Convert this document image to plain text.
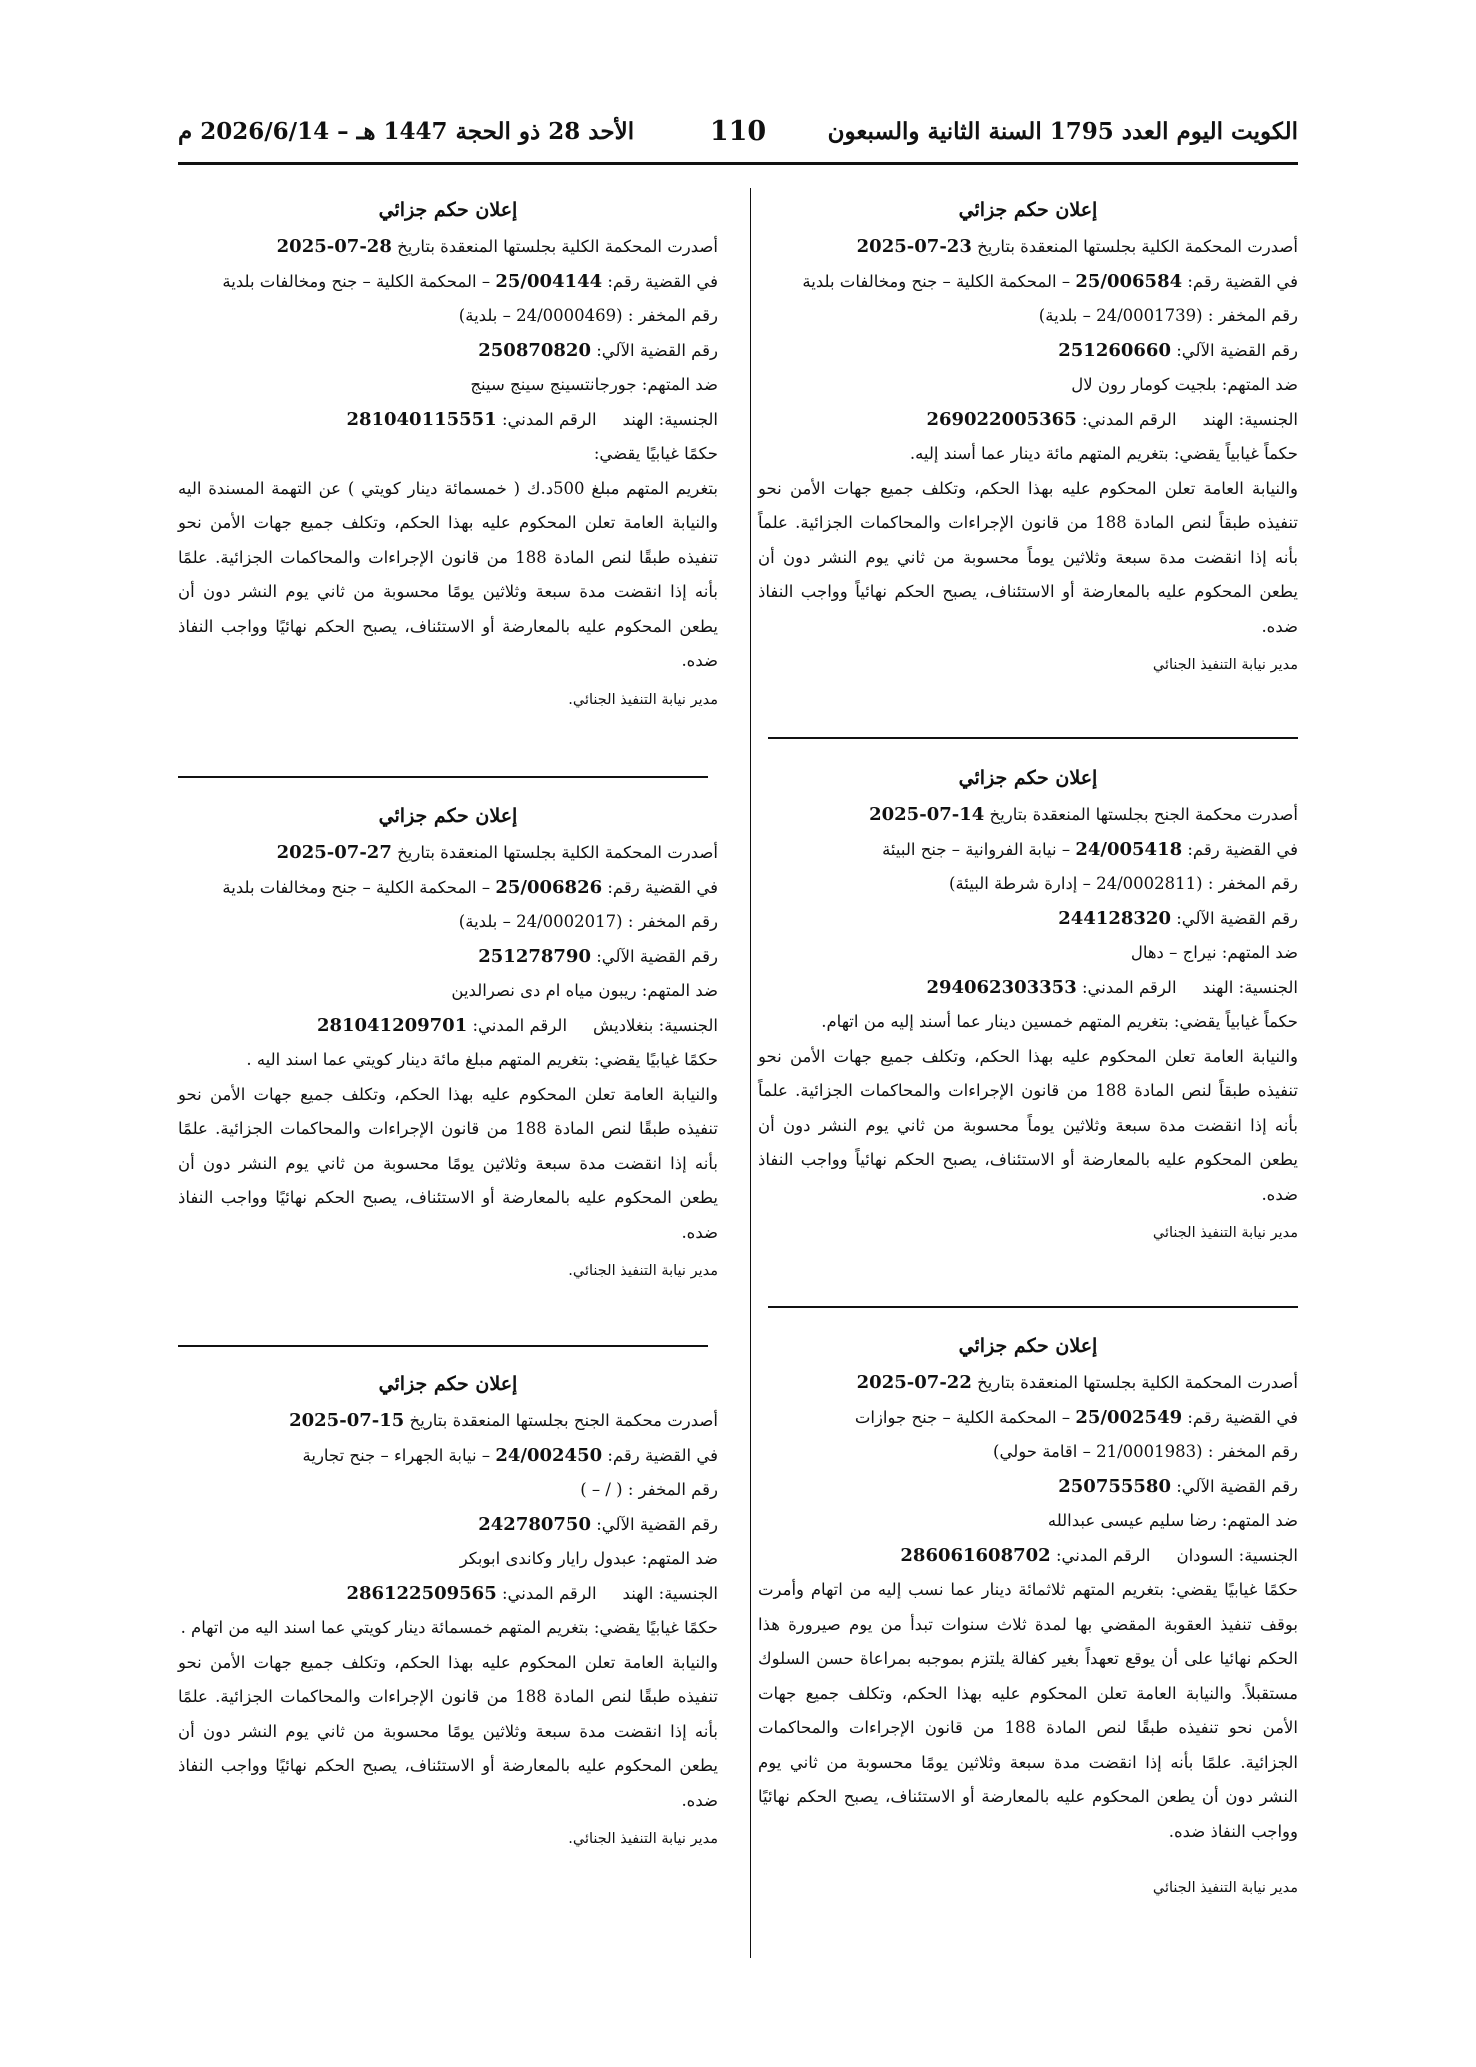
الكويت اليوم العدد 1795 السنة الثانية والسبعون
110
الأحد 28 ذو الحجة 1447 هـ – 2026/6/14 م
إعلان حكم جزائي

أصدرت المحكمة الكلية بجلستها المنعقدة بتاريخ 23-07-2025

في القضية رقم: 25/006584 – المحكمة الكلية – جنح ومخالفات بلدية

رقم المخفر : (24/0001739 – بلدية)

رقم القضية الآلي: 251260660

ضد المتهم: بلجيت كومار رون لال

الجنسية: الهندالرقم المدني: 269022005365

حكماً غيابياً يقضي: بتغريم المتهم مائة دينار عما أسند إليه.

والنيابة العامة تعلن المحكوم عليه بهذا الحكم، وتكلف جميع جهات الأمن نحو تنفيذه طبقاً لنص المادة 188 من قانون الإجراءات والمحاكمات الجزائية. علماً بأنه إذا انقضت مدة سبعة وثلاثين يوماً محسوبة من ثاني يوم النشر دون أن يطعن المحكوم عليه بالمعارضة أو الاستئناف، يصبح الحكم نهائياً وواجب النفاذ ضده.

مدير نيابة التنفيذ الجنائي

إعلان حكم جزائي

أصدرت محكمة الجنح بجلستها المنعقدة بتاريخ 14-07-2025

في القضية رقم: 24/005418 – نيابة الفروانية – جنح البيئة

رقم المخفر : (24/0002811 – إدارة شرطة البيئة)

رقم القضية الآلي: 244128320

ضد المتهم: نيراج – دهال

الجنسية: الهندالرقم المدني: 294062303353

حكماً غيابياً يقضي: بتغريم المتهم خمسين دينار عما أسند إليه من اتهام.

والنيابة العامة تعلن المحكوم عليه بهذا الحكم، وتكلف جميع جهات الأمن نحو تنفيذه طبقاً لنص المادة 188 من قانون الإجراءات والمحاكمات الجزائية. علماً بأنه إذا انقضت مدة سبعة وثلاثين يوماً محسوبة من ثاني يوم النشر دون أن يطعن المحكوم عليه بالمعارضة أو الاستئناف، يصبح الحكم نهائياً وواجب النفاذ ضده.

مدير نيابة التنفيذ الجنائي

إعلان حكم جزائي

أصدرت المحكمة الكلية بجلستها المنعقدة بتاريخ 22-07-2025

في القضية رقم: 25/002549 – المحكمة الكلية – جنح جوازات

رقم المخفر : (21/0001983 – اقامة حولي)

رقم القضية الآلي: 250755580

ضد المتهم: رضا سليم عيسى عبدالله

الجنسية: السودانالرقم المدني: 286061608702

حكمًا غيابيًا يقضي: بتغريم المتهم ثلاثمائة دينار عما نسب إليه من اتهام وأمرت بوقف تنفيذ العقوبة المقضي بها لمدة ثلاث سنوات تبدأ من يوم صيرورة هذا الحكم نهائيا على أن يوقع تعهداً بغير كفالة يلتزم بموجبه بمراعاة حسن السلوك مستقبلاً. والنيابة العامة تعلن المحكوم عليه بهذا الحكم، وتكلف جميع جهات الأمن نحو تنفيذه طبقًا لنص المادة 188 من قانون الإجراءات والمحاكمات الجزائية. علمًا بأنه إذا انقضت مدة سبعة وثلاثين يومًا محسوبة من ثاني يوم النشر دون أن يطعن المحكوم عليه بالمعارضة أو الاستئناف، يصبح الحكم نهائيًا وواجب النفاذ ضده.

مدير نيابة التنفيذ الجنائي

إعلان حكم جزائي

أصدرت المحكمة الكلية بجلستها المنعقدة بتاريخ 28-07-2025

في القضية رقم: 25/004144 – المحكمة الكلية – جنح ومخالفات بلدية

رقم المخفر : (24/0000469 – بلدية)

رقم القضية الآلي: 250870820

ضد المتهم: جورجانتسينج سينج سينج

الجنسية: الهندالرقم المدني: 281040115551

حكمًا غيابيًا يقضي:

بتغريم المتهم مبلغ 500د.ك ( خمسمائة دينار كويتي ) عن التهمة المسندة اليه والنيابة العامة تعلن المحكوم عليه بهذا الحكم، وتكلف جميع جهات الأمن نحو تنفيذه طبقًا لنص المادة 188 من قانون الإجراءات والمحاكمات الجزائية. علمًا بأنه إذا انقضت مدة سبعة وثلاثين يومًا محسوبة من ثاني يوم النشر دون أن يطعن المحكوم عليه بالمعارضة أو الاستئناف، يصبح الحكم نهائيًا وواجب النفاذ ضده.

مدير نيابة التنفيذ الجنائي.

إعلان حكم جزائي

أصدرت المحكمة الكلية بجلستها المنعقدة بتاريخ 27-07-2025

في القضية رقم: 25/006826 – المحكمة الكلية – جنح ومخالفات بلدية

رقم المخفر : (24/0002017 – بلدية)

رقم القضية الآلي: 251278790

ضد المتهم: ريبون مياه ام دى نصرالدين

الجنسية: بنغلاديشالرقم المدني: 281041209701

حكمًا غيابيًا يقضي: بتغريم المتهم مبلغ مائة دينار كويتي عما اسند اليه .

والنيابة العامة تعلن المحكوم عليه بهذا الحكم، وتكلف جميع جهات الأمن نحو تنفيذه طبقًا لنص المادة 188 من قانون الإجراءات والمحاكمات الجزائية. علمًا بأنه إذا انقضت مدة سبعة وثلاثين يومًا محسوبة من ثاني يوم النشر دون أن يطعن المحكوم عليه بالمعارضة أو الاستئناف، يصبح الحكم نهائيًا وواجب النفاذ ضده.

مدير نيابة التنفيذ الجنائي.

إعلان حكم جزائي

أصدرت محكمة الجنح بجلستها المنعقدة بتاريخ 15-07-2025

في القضية رقم: 24/002450 – نيابة الجهراء – جنح تجارية

رقم المخفر : ( / – )

رقم القضية الآلي: 242780750

ضد المتهم: عبدول رايار وكاندى ابوبكر

الجنسية: الهندالرقم المدني: 286122509565

حكمًا غيابيًا يقضي: بتغريم المتهم خمسمائة دينار كويتي عما اسند اليه من اتهام .

والنيابة العامة تعلن المحكوم عليه بهذا الحكم، وتكلف جميع جهات الأمن نحو تنفيذه طبقًا لنص المادة 188 من قانون الإجراءات والمحاكمات الجزائية. علمًا بأنه إذا انقضت مدة سبعة وثلاثين يومًا محسوبة من ثاني يوم النشر دون أن يطعن المحكوم عليه بالمعارضة أو الاستئناف، يصبح الحكم نهائيًا وواجب النفاذ ضده.

مدير نيابة التنفيذ الجنائي.
